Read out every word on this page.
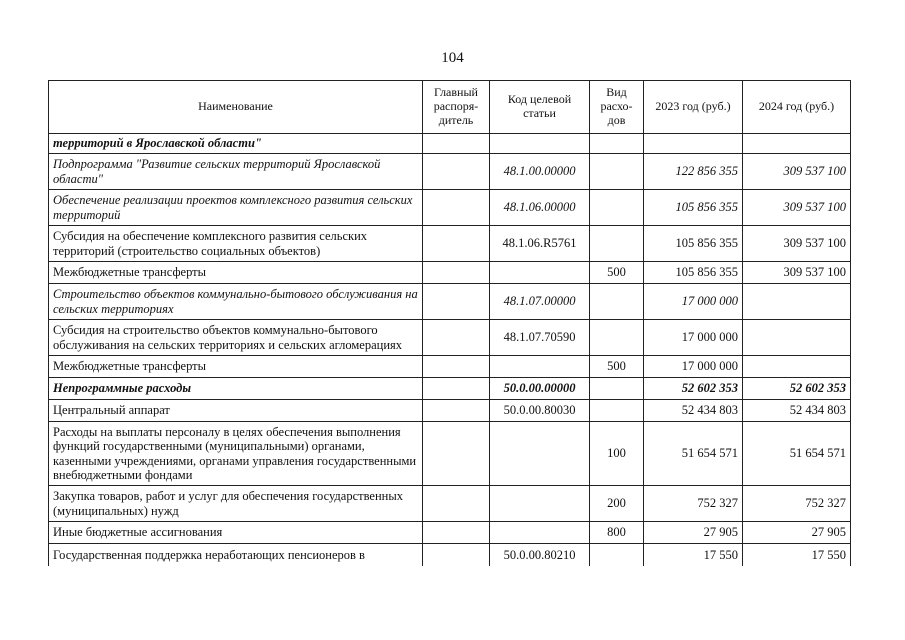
104
Наименование	Главный распоря-дитель	Код целевой статьи	Вид расхо-дов	2023 год (руб.)	2024 год (руб.)
территорий в Ярославской области"					
Подпрограмма "Развитие сельских территорий Ярославской области"		48.1.00.00000		122 856 355	309 537 100
Обеспечение реализации проектов комплексного развития сельских территорий		48.1.06.00000		105 856 355	309 537 100
Субсидия на обеспечение комплексного развития сельских территорий (строительство социальных объектов)		48.1.06.R5761		105 856 355	309 537 100
Межбюджетные трансферты			500	105 856 355	309 537 100
Строительство объектов коммунально-бытового обслуживания на сельских территориях		48.1.07.00000		17 000 000	
Субсидия на строительство объектов коммунально-бытового обслуживания на сельских территориях и сельских агломерациях		48.1.07.70590		17 000 000	
Межбюджетные трансферты			500	17 000 000	
Непрограммные расходы		50.0.00.00000		52 602 353	52 602 353
Центральный аппарат		50.0.00.80030		52 434 803	52 434 803
Расходы на выплаты персоналу в целях обеспечения выполнения функций государственными (муниципальными) органами, казенными учреждениями, органами управления государственными внебюджетными фондами			100	51 654 571	51 654 571
Закупка товаров, работ и услуг для обеспечения государственных (муниципальных) нужд			200	752 327	752 327
Иные бюджетные ассигнования			800	27 905	27 905
Государственная поддержка неработающих пенсионеров в		50.0.00.80210		17 550	17 550
